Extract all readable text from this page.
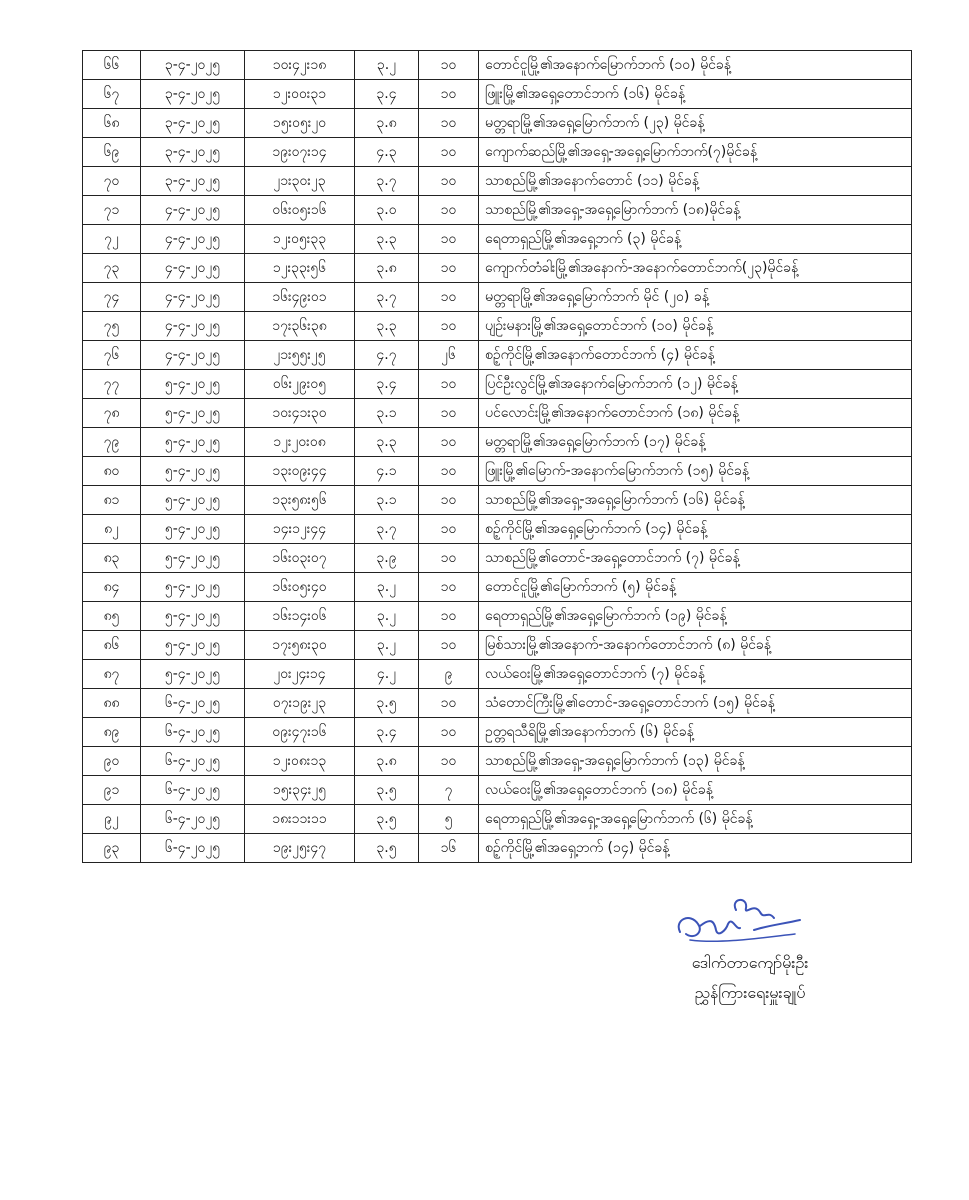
၆၆	၃-၄-၂၀၂၅	၁၀း၄၂း၁၈	၃.၂	၁၀	တောင်ငူမြို့၏အနောက်မြောက်ဘက် (၁၀) မိုင်ခန့်
၆၇	၃-၄-၂၀၂၅	၁၂း၀၀း၃၁	၃.၄	၁၀	ဖြူးမြို့၏အရှေ့တောင်ဘက် (၁၆) မိုင်ခန့်
၆၈	၃-၄-၂၀၂၅	၁၅း၀၅း၂၀	၃.၈	၁၀	မတ္တရာမြို့၏အရှေ့မြောက်ဘက် (၂၃) မိုင်ခန့်
၆၉	၃-၄-၂၀၂၅	၁၉း၀၇း၁၄	၄.၃	၁၀	ကျောက်ဆည်မြို့၏အရှေ့-အရှေ့မြောက်ဘက်(၇)မိုင်ခန့်
၇၀	၃-၄-၂၀၂၅	၂၁း၃၀း၂၃	၃.၇	၁၀	သာစည်မြို့၏အနောက်တောင် (၁၁) မိုင်ခန့်
၇၁	၄-၄-၂၀၂၅	၀၆း၀၅း၁၆	၃.၀	၁၀	သာစည်မြို့၏အရှေ့-အရှေ့မြောက်ဘက် (၁၈)မိုင်ခန့်
၇၂	၄-၄-၂၀၂၅	၁၂း၀၅း၃၃	၃.၃	၁၀	ရေတာရှည်မြို့၏အရှေ့ဘက် (၃) မိုင်ခန့်
၇၃	၄-၄-၂၀၂၅	၁၂း၃၃း၅၆	၃.၈	၁၀	ကျောက်တံခါးမြို့၏အနောက်-အနောက်တောင်ဘက်(၂၃)မိုင်ခန့်
၇၄	၄-၄-၂၀၂၅	၁၆း၄၉း၀၁	၃.၇	၁၀	မတ္တရာမြို့၏အရှေ့မြောက်ဘက် မိုင် (၂၀) ခန့်
၇၅	၄-၄-၂၀၂၅	၁၇း၃၆း၃၈	၃.၃	၁၀	ပျဉ်းမနားမြို့၏အရှေ့တောင်ဘက် (၁၀) မိုင်ခန့်
၇၆	၄-၄-၂၀၂၅	၂၁း၅၅း၂၅	၄.၇	၂၆	စဉ့်ကိုင်မြို့၏အနောက်တောင်ဘက် (၄) မိုင်ခန့်
၇၇	၅-၄-၂၀၂၅	၀၆း၂၉း၀၅	၃.၄	၁၀	ပြင်ဦးလွင်မြို့၏အနောက်မြောက်ဘက် (၁၂) မိုင်ခန့်
၇၈	၅-၄-၂၀၂၅	၁၀း၄၁း၃၀	၃.၁	၁၀	ပင်လောင်းမြို့၏အနောက်တောင်ဘက် (၁၈) မိုင်ခန့်
၇၉	၅-၄-၂၀၂၅	၁၂း၂၀း၀၈	၃.၃	၁၀	မတ္တရာမြို့၏အရှေ့မြောက်ဘက် (၁၇) မိုင်ခန့်
၈၀	၅-၄-၂၀၂၅	၁၃း၀၉း၄၄	၄.၁	၁၀	ဖြူးမြို့၏မြောက်-အနောက်မြောက်ဘက် (၁၅) မိုင်ခန့်
၈၁	၅-၄-၂၀၂၅	၁၃း၅၈း၅၆	၃.၁	၁၀	သာစည်မြို့၏အရှေ့-အရှေ့မြောက်ဘက် (၁၆) မိုင်ခန့်
၈၂	၅-၄-၂၀၂၅	၁၄း၁၂း၄၄	၃.၇	၁၀	စဉ့်ကိုင်မြို့၏အရှေ့မြောက်ဘက် (၁၄) မိုင်ခန့်
၈၃	၅-၄-၂၀၂၅	၁၆း၀၃း၀၇	၃.၉	၁၀	သာစည်မြို့၏တောင်-အရှေ့တောင်ဘက် (၇) မိုင်ခန့်
၈၄	၅-၄-၂၀၂၅	၁၆း၀၅း၄၀	၃.၂	၁၀	တောင်ငူမြို့၏မြောက်ဘက် (၅) မိုင်ခန့်
၈၅	၅-၄-၂၀၂၅	၁၆း၁၄း၀၆	၃.၂	၁၀	ရေတာရှည်မြို့၏အရှေ့မြောက်ဘက် (၁၉) မိုင်ခန့်
၈၆	၅-၄-၂၀၂၅	၁၇း၅၈း၃၀	၃.၂	၁၀	မြစ်သားမြို့၏အနောက်-အနောက်တောင်ဘက် (၈) မိုင်ခန့်
၈၇	၅-၄-၂၀၂၅	၂၀း၂၄း၁၄	၄.၂	၉	လယ်ဝေးမြို့၏အရှေ့တောင်ဘက် (၇) မိုင်ခန့်
၈၈	၆-၄-၂၀၂၅	၀၇း၁၉း၂၃	၃.၅	၁၀	သံတောင်ကြီးမြို့၏တောင်-အရှေ့တောင်ဘက် (၁၅) မိုင်ခန့်
၈၉	၆-၄-၂၀၂၅	၀၉း၄၇း၁၆	၃.၄	၁၀	ဥတ္တရသီရိမြို့၏အနောက်ဘက် (၆) မိုင်ခန့်
၉၀	၆-၄-၂၀၂၅	၁၂း၀၈း၁၃	၃.၈	၁၀	သာစည်မြို့၏အရှေ့-အရှေ့မြောက်ဘက် (၁၃) မိုင်ခန့်
၉၁	၆-၄-၂၀၂၅	၁၅း၃၄း၂၅	၃.၅	၇	လယ်ဝေးမြို့၏အရှေ့တောင်ဘက် (၁၈) မိုင်ခန့်
၉၂	၆-၄-၂၀၂၅	၁၈း၁၁း၁၁	၃.၅	၅	ရေတာရှည်မြို့၏အရှေ့-အရှေ့မြောက်ဘက် (၆) မိုင်ခန့်
၉၃	၆-၄-၂၀၂၅	၁၉း၂၅း၄၇	၃.၅	၁၆	စဉ့်ကိုင်မြို့၏အရှေ့ဘက် (၁၄) မိုင်ခန့်
ဒေါက်တာကျော်မိုးဦး
ညွှန်ကြားရေးမှူးချုပ်
